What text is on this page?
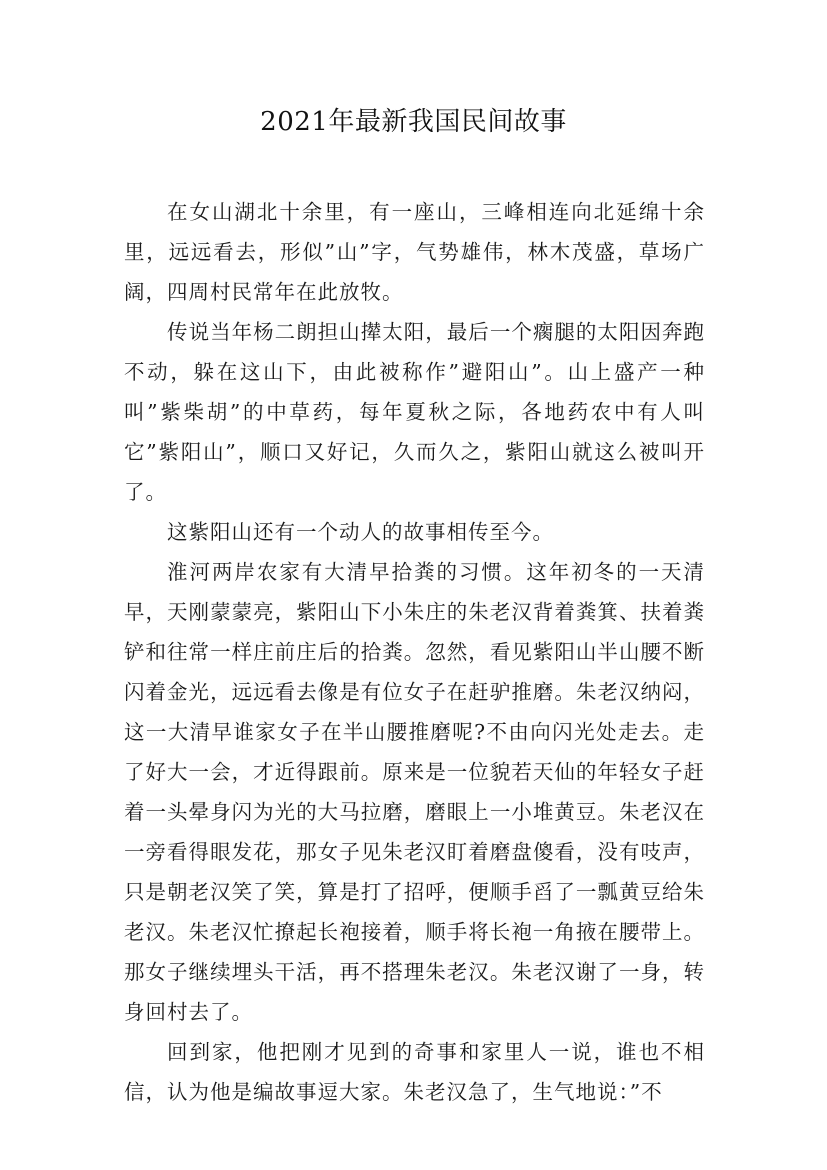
2021年最新我国民间故事

在女山湖北十余里，有一座山，三峰相连向北延绵十余里，远远看去，形似”山”字，气势雄伟，林木茂盛，草场广阔，四周村民常年在此放牧。

传说当年杨二朗担山撵太阳，最后一个瘸腿的太阳因奔跑不动，躲在这山下，由此被称作”避阳山”。山上盛产一种叫”紫柴胡”的中草药，每年夏秋之际，各地药农中有人叫它”紫阳山”，顺口又好记，久而久之，紫阳山就这么被叫开了。

这紫阳山还有一个动人的故事相传至今。

淮河两岸农家有大清早拾粪的习惯。这年初冬的一天清早，天刚蒙蒙亮，紫阳山下小朱庄的朱老汉背着粪箕、扶着粪铲和往常一样庄前庄后的拾粪。忽然，看见紫阳山半山腰不断闪着金光，远远看去像是有位女子在赶驴推磨。朱老汉纳闷，这一大清早谁家女子在半山腰推磨呢?不由向闪光处走去。走了好大一会，才近得跟前。原来是一位貌若天仙的年轻女子赶着一头晕身闪为光的大马拉磨，磨眼上一小堆黄豆。朱老汉在一旁看得眼发花，那女子见朱老汉盯着磨盘傻看，没有吱声，只是朝老汉笑了笑，算是打了招呼，便顺手舀了一瓢黄豆给朱老汉。朱老汉忙撩起长袍接着，顺手将长袍一角掖在腰带上。那女子继续埋头干活，再不搭理朱老汉。朱老汉谢了一身，转身回村去了。

回到家，他把刚才见到的奇事和家里人一说，谁也不相信，认为他是编故事逗大家。朱老汉急了，生气地说：”不
